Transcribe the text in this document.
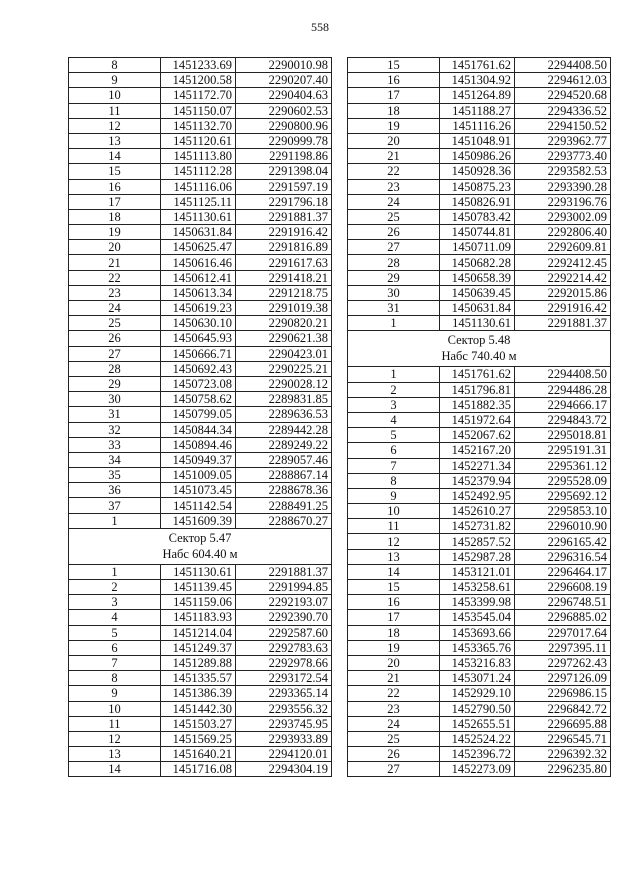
558
8	1451233.69	2290010.98
9	1451200.58	2290207.40
10	1451172.70	2290404.63
11	1451150.07	2290602.53
12	1451132.70	2290800.96
13	1451120.61	2290999.78
14	1451113.80	2291198.86
15	1451112.28	2291398.04
16	1451116.06	2291597.19
17	1451125.11	2291796.18
18	1451130.61	2291881.37
19	1450631.84	2291916.42
20	1450625.47	2291816.89
21	1450616.46	2291617.63
22	1450612.41	2291418.21
23	1450613.34	2291218.75
24	1450619.23	2291019.38
25	1450630.10	2290820.21
26	1450645.93	2290621.38
27	1450666.71	2290423.01
28	1450692.43	2290225.21
29	1450723.08	2290028.12
30	1450758.62	2289831.85
31	1450799.05	2289636.53
32	1450844.34	2289442.28
33	1450894.46	2289249.22
34	1450949.37	2289057.46
35	1451009.05	2288867.14
36	1451073.45	2288678.36
37	1451142.54	2288491.25
1	1451609.39	2288670.27

Сектор 5.47
Набс 604.40 м		

1	1451130.61	2291881.37
2	1451139.45	2291994.85
3	1451159.06	2292193.07
4	1451183.93	2292390.70
5	1451214.04	2292587.60
6	1451249.37	2292783.63
7	1451289.88	2292978.66
8	1451335.57	2293172.54
9	1451386.39	2293365.14
10	1451442.30	2293556.32
11	1451503.27	2293745.95
12	1451569.25	2293933.89
13	1451640.21	2294120.01
14	1451716.08	2294304.19
15	1451761.62	2294408.50
16	1451304.92	2294612.03
17	1451264.89	2294520.68
18	1451188.27	2294336.52
19	1451116.26	2294150.52
20	1451048.91	2293962.77
21	1450986.26	2293773.40
22	1450928.36	2293582.53
23	1450875.23	2293390.28
24	1450826.91	2293196.76
25	1450783.42	2293002.09
26	1450744.81	2292806.40
27	1450711.09	2292609.81
28	1450682.28	2292412.45
29	1450658.39	2292214.42
30	1450639.45	2292015.86
31	1450631.84	2291916.42
1	1451130.61	2291881.37

Сектор 5.48
Набс 740.40 м		

1	1451761.62	2294408.50
2	1451796.81	2294486.28
3	1451882.35	2294666.17
4	1451972.64	2294843.72
5	1452067.62	2295018.81
6	1452167.20	2295191.31
7	1452271.34	2295361.12
8	1452379.94	2295528.09
9	1452492.95	2295692.12
10	1452610.27	2295853.10
11	1452731.82	2296010.90
12	1452857.52	2296165.42
13	1452987.28	2296316.54
14	1453121.01	2296464.17
15	1453258.61	2296608.19
16	1453399.98	2296748.51
17	1453545.04	2296885.02
18	1453693.66	2297017.64
19	1453365.76	2297395.11
20	1453216.83	2297262.43
21	1453071.24	2297126.09
22	1452929.10	2296986.15
23	1452790.50	2296842.72
24	1452655.51	2296695.88
25	1452524.22	2296545.71
26	1452396.72	2296392.32
27	1452273.09	2296235.80
